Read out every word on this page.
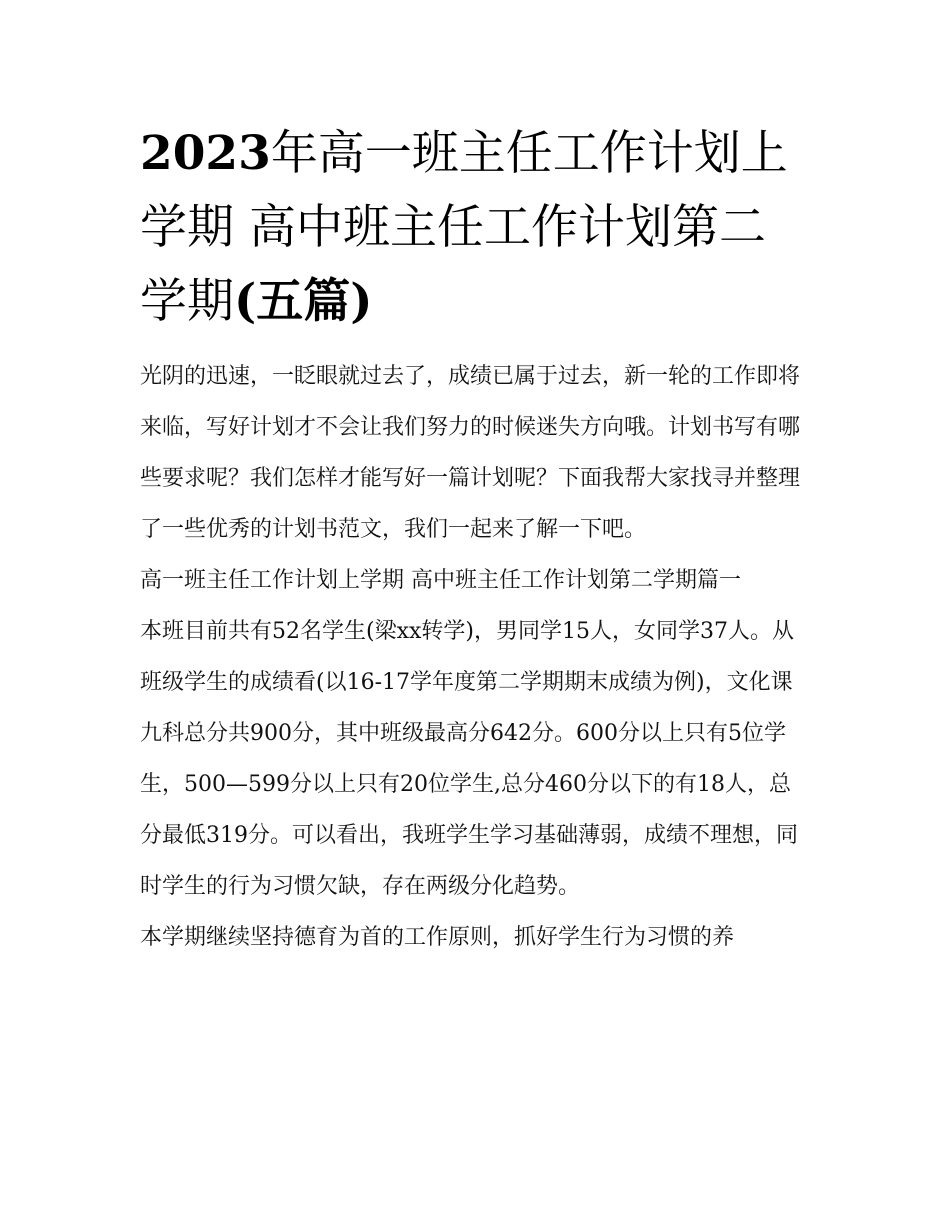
2023年高一班主任工作计划上学期 高中班主任工作计划第二学期(五篇)

光阴的迅速，一眨眼就过去了，成绩已属于过去，新一轮的工作即将来临，写好计划才不会让我们努力的时候迷失方向哦。计划书写有哪些要求呢？我们怎样才能写好一篇计划呢？下面我帮大家找寻并整理了一些优秀的计划书范文，我们一起来了解一下吧。

高一班主任工作计划上学期 高中班主任工作计划第二学期篇一

本班目前共有52名学生(梁xx转学)，男同学15人，女同学37人。从班级学生的成绩看(以16-17学年度第二学期期末成绩为例)，文化课九科总分共900分，其中班级最高分642分。600分以上只有5位学生，500—599分以上只有20位学生,总分460分以下的有18人，总分最低319分。可以看出，我班学生学习基础薄弱，成绩不理想，同时学生的行为习惯欠缺，存在两级分化趋势。

本学期继续坚持德育为首的工作原则，抓好学生行为习惯的养
